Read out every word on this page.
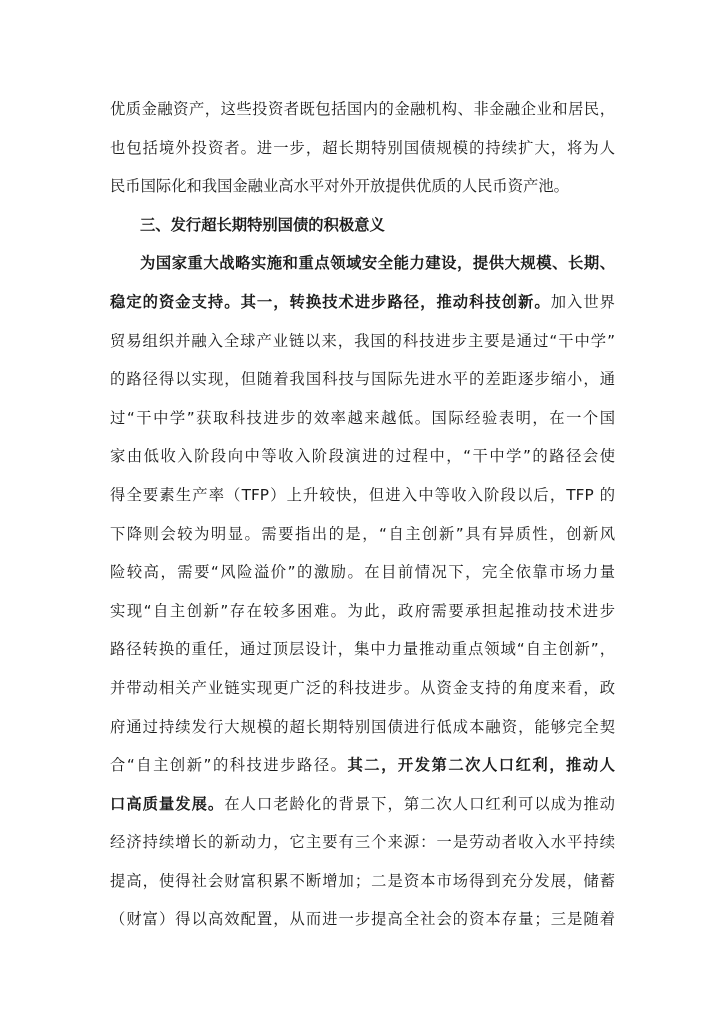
优质金融资产，这些投资者既包括国内的金融机构、非金融企业和居民，
也包括境外投资者。进一步，超长期特别国债规模的持续扩大，将为人
民币国际化和我国金融业高水平对外开放提供优质的人民币资产池。
三、发行超长期特别国债的积极意义
为国家重大战略实施和重点领域安全能力建设，提供大规模、长期、
稳定的资金支持。其一，转换技术进步路径，推动科技创新。加入世界
贸易组织并融入全球产业链以来，我国的科技进步主要是通过“干中学”
的路径得以实现，但随着我国科技与国际先进水平的差距逐步缩小，通
过“干中学”获取科技进步的效率越来越低。国际经验表明，在一个国
家由低收入阶段向中等收入阶段演进的过程中，“干中学”的路径会使
得全要素生产率（TFP）上升较快，但进入中等收入阶段以后，TFP 的
下降则会较为明显。需要指出的是，“自主创新”具有异质性，创新风
险较高，需要“风险溢价”的激励。在目前情况下，完全依靠市场力量
实现“自主创新”存在较多困难。为此，政府需要承担起推动技术进步
路径转换的重任，通过顶层设计，集中力量推动重点领域“自主创新”，
并带动相关产业链实现更广泛的科技进步。从资金支持的角度来看，政
府通过持续发行大规模的超长期特别国债进行低成本融资，能够完全契
合“自主创新”的科技进步路径。其二，开发第二次人口红利，推动人
口高质量发展。在人口老龄化的背景下，第二次人口红利可以成为推动
经济持续增长的新动力，它主要有三个来源：一是劳动者收入水平持续
提高，使得社会财富积累不断增加；二是资本市场得到充分发展，储蓄
（财富）得以高效配置，从而进一步提高全社会的资本存量；三是随着
